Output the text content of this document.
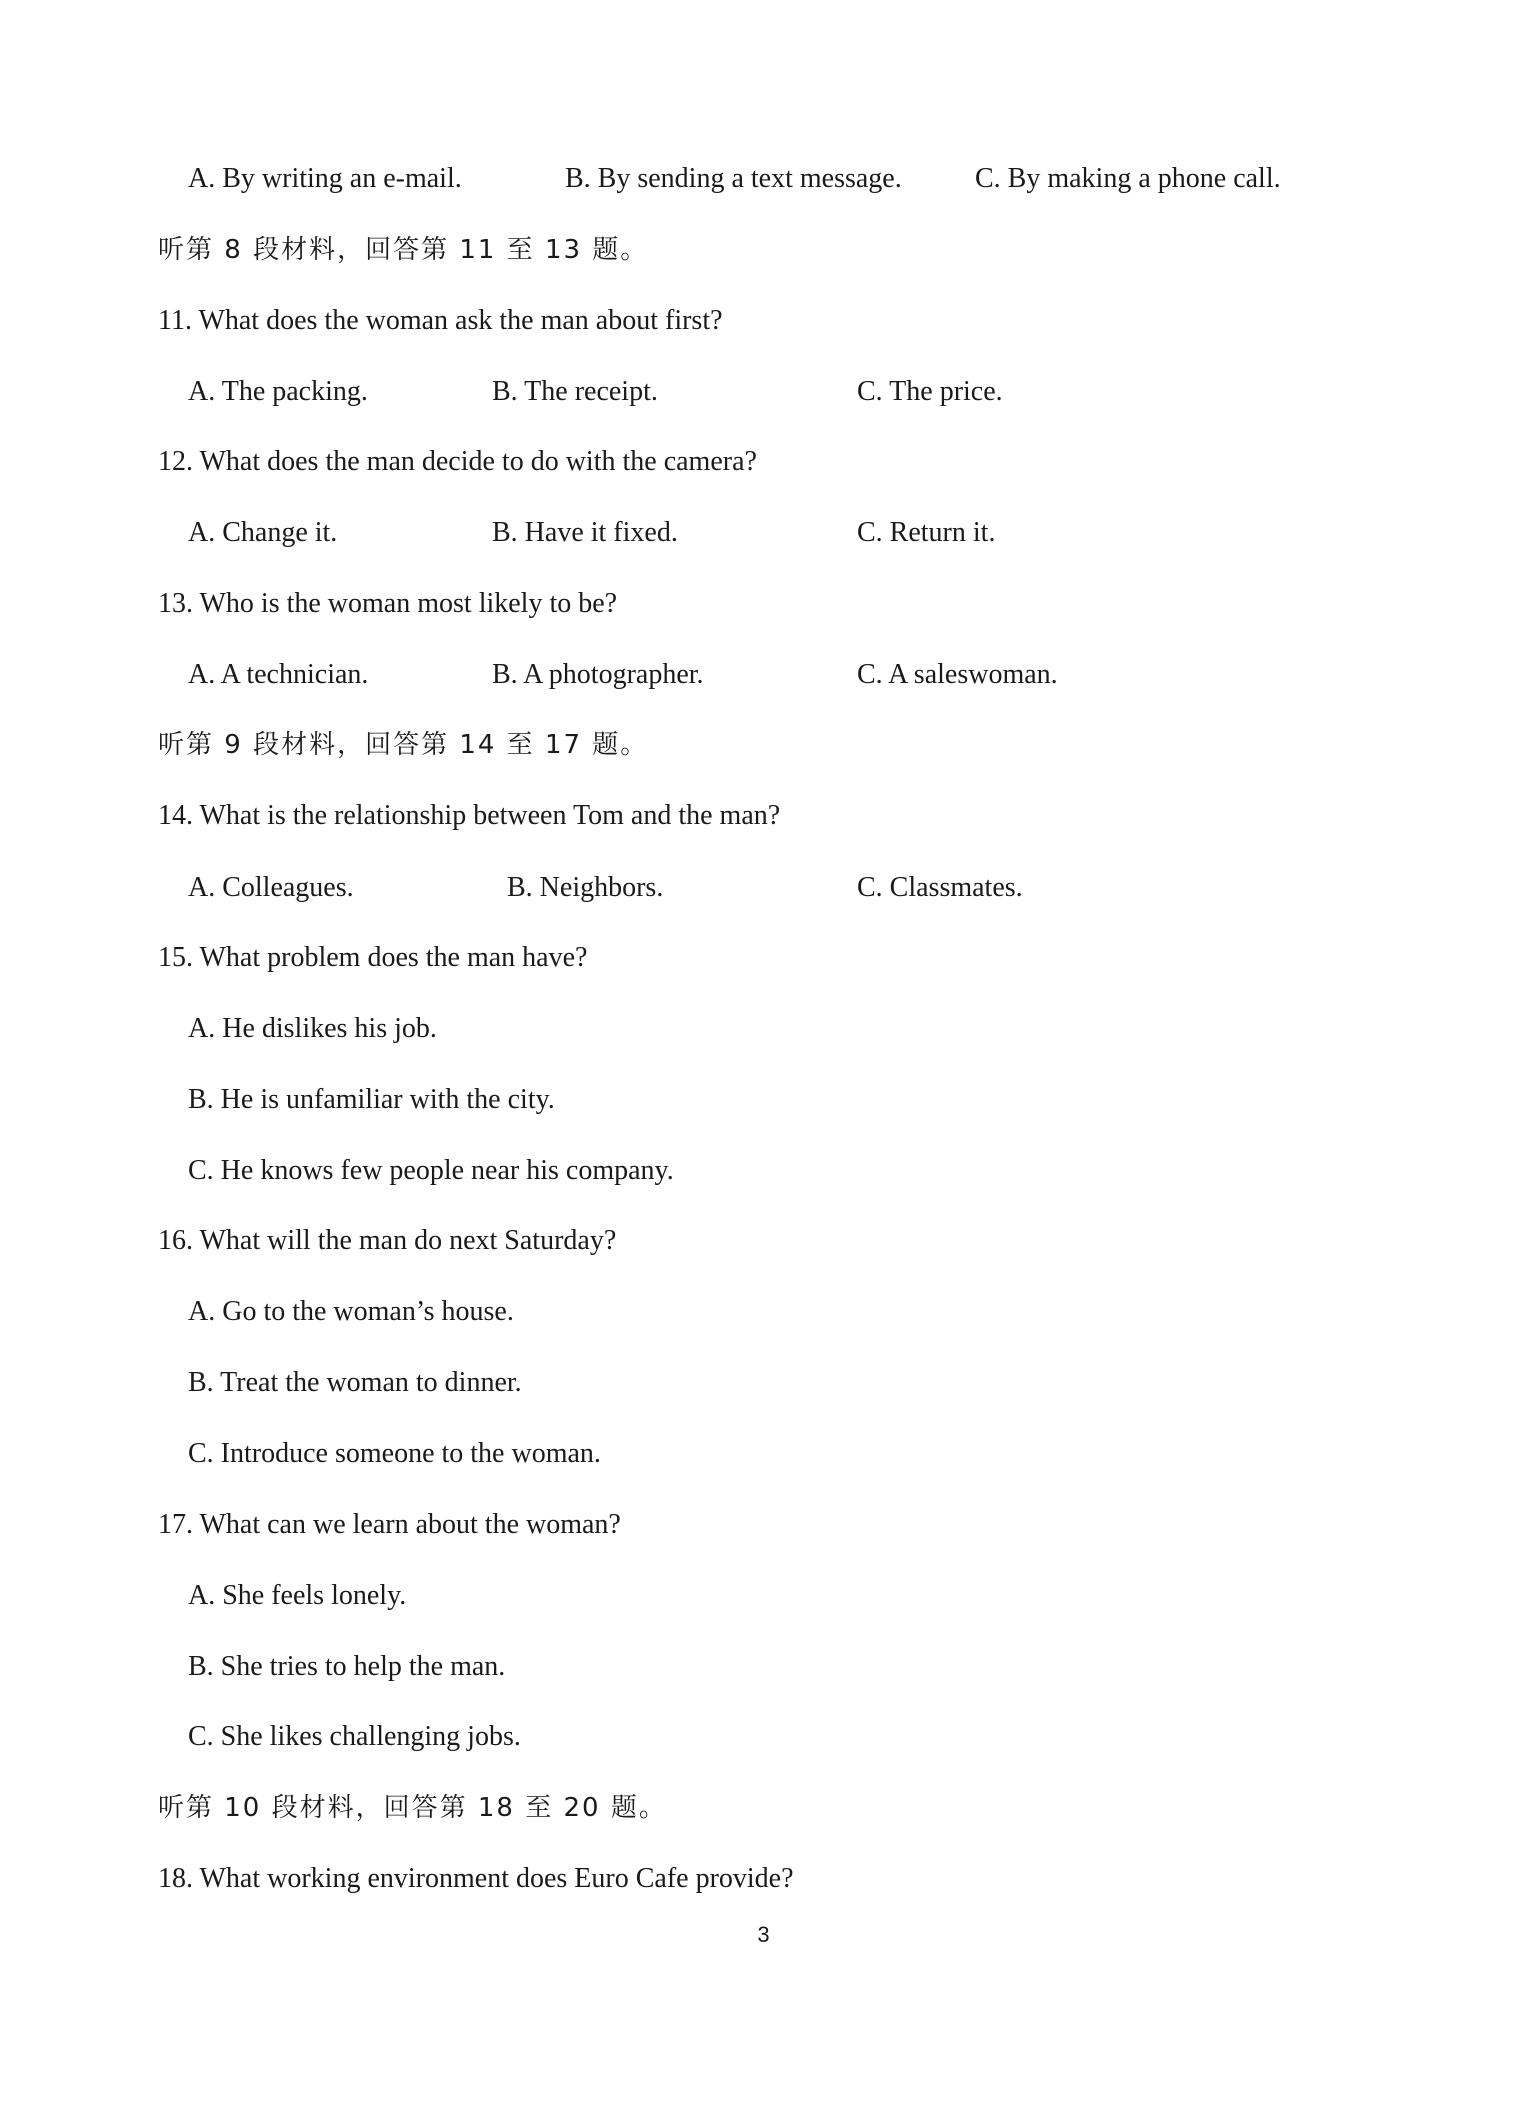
A. By writing an e-mail.	B. By sending a text message.	C. By making a phone call.
听第 8 段材料，回答第 11 至 13 题。
11. What does the woman ask the man about first?
A. The packing.	B. The receipt.	C. The price.
12. What does the man decide to do with the camera?
A. Change it.	B. Have it fixed.	C. Return it.
13. Who is the woman most likely to be?
A. A technician.	B. A photographer.	C. A saleswoman.
听第 9 段材料，回答第 14 至 17 题。
14. What is the relationship between Tom and the man?
A. Colleagues.	B. Neighbors.	C. Classmates.
15. What problem does the man have?
A. He dislikes his job.
B. He is unfamiliar with the city.
C. He knows few people near his company.
16. What will the man do next Saturday?
A. Go to the woman’s house.
B. Treat the woman to dinner.
C. Introduce someone to the woman.
17. What can we learn about the woman?
A. She feels lonely.
B. She tries to help the man.
C. She likes challenging jobs.
听第 10 段材料，回答第 18 至 20 题。
18. What working environment does Euro Cafe provide?
3
